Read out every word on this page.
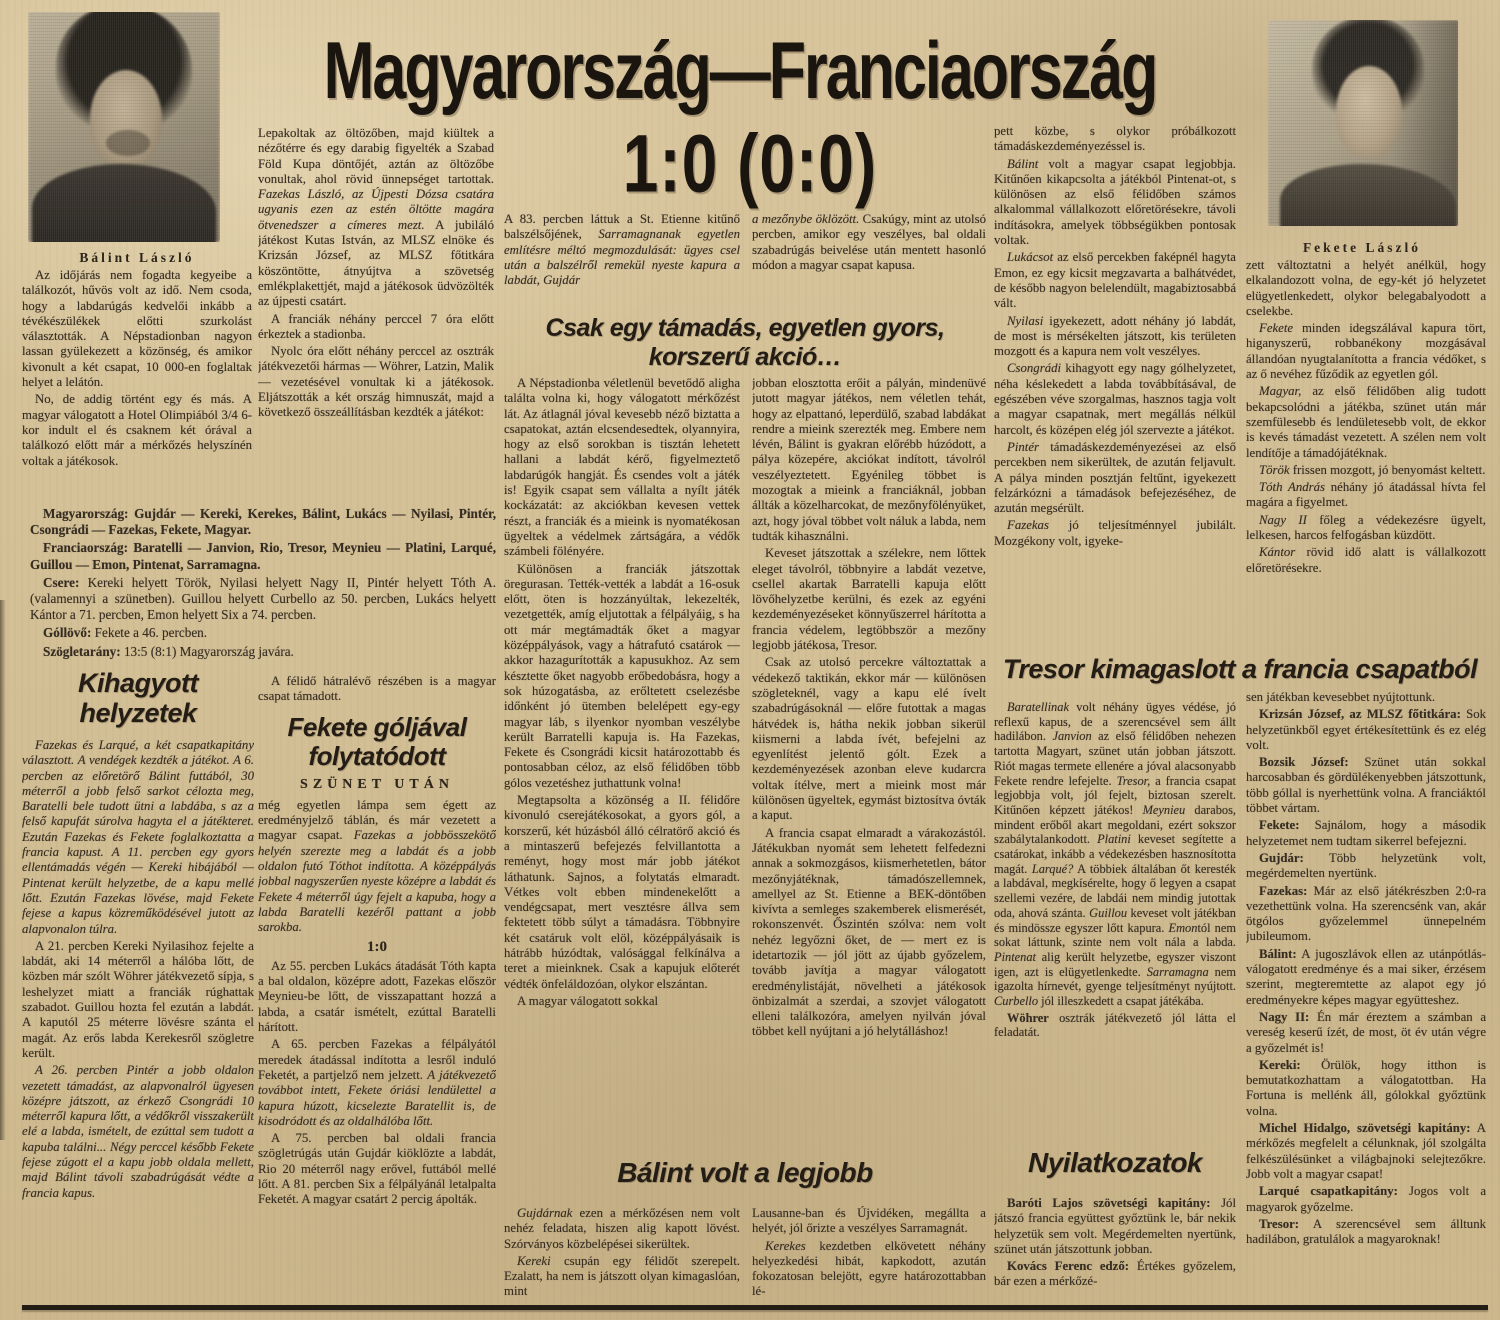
Bálint László
Fekete László
Magyarország—Franciaország
1:0 (0:0)

Az időjárás nem fogadta kegyeibe a találkozót, hűvös volt az idő. Nem csoda, hogy a labdarúgás kedvelői inkább a tévékészülékek előtti szurkolást választották. A Népstadionban nagyon lassan gyülekezett a közönség, és amikor kivonult a két csapat, 10 000-en foglaltak helyet a lelátón.

No, de addig történt egy és más. A magyar válogatott a Hotel Olimpiából 3/4 6-kor indult el és csaknem két órával a találkozó előtt már a mérkőzés helyszínén voltak a játékosok.

Magyarország: Gujdár — Kereki, Kerekes, Bálint, Lukács — Nyilasi, Pintér, Csongrádi — Fazekas, Fekete, Magyar.

Franciaország: Baratelli — Janvion, Rio, Tresor, Meynieu — Platini, Larqué, Guillou — Emon, Pintenat, Sarramagna.

Csere: Kereki helyett Török, Nyilasi helyett Nagy II, Pintér helyett Tóth A. (valamennyi a szünetben). Guillou helyett Curbello az 50. percben, Lukács helyett Kántor a 71. percben, Emon helyett Six a 74. percben.

Góllövő: Fekete a 46. percben.

Szögletarány: 13:5 (8:1) Magyarország javára.

Kihagyott helyzetek

Fazekas és Larqué, a két csapatkapitány választott. A vendégek kezdték a játékot. A 6. percben az előretörő Bálint futtából, 30 méterről a jobb felső sarkot célozta meg, Baratelli bele tudott ütni a labdába, s az a felső kapufát súrolva hagyta el a játékteret. Ezután Fazekas és Fekete foglalkoztatta a francia kapust. A 11. percben egy gyors ellentámadás végén — Kereki hibájából — Pintenat került helyzetbe, de a kapu mellé lőtt. Ezután Fazekas lövése, majd Fekete fejese a kapus közreműködésével jutott az alapvonalon túlra.

A 21. percben Kereki Nyilasihoz fejelte a labdát, aki 14 méterről a hálóba lőtt, de közben már szólt Wöhrer játékvezető sípja, s leshelyzet miatt a franciák rúghattak szabadot. Guillou hozta fel ezután a labdát. A kaputól 25 méterre lövésre szánta el magát. Az erős labda Kerekesről szögletre került.

A 26. percben Pintér a jobb oldalon vezetett támadást, az alapvonalról ügyesen középre játszott, az érkező Csongrádi 10 méterről kapura lőtt, a védőkről visszakerült elé a labda, ismételt, de ezúttal sem tudott a kapuba találni... Négy perccel később Fekete fejese zúgott el a kapu jobb oldala mellett, majd Bálint távoli szabadrúgását védte a francia kapus.

Lepakoltak az öltözőben, majd kiültek a nézőtérre és egy darabig figyelték a Szabad Föld Kupa döntőjét, aztán az öltözőbe vonultak, ahol rövid ünnepséget tartottak. Fazekas László, az Újpesti Dózsa csatára ugyanis ezen az estén öltötte magára ötvenedszer a címeres mezt. A jubiláló játékost Kutas István, az MLSZ elnöke és Krizsán József, az MLSZ főtitkára köszöntötte, átnyújtva a szövetség emlékplakettjét, majd a játékosok üdvözölték az újpesti csatárt.

A franciák néhány perccel 7 óra előtt érkeztek a stadionba.

Nyolc óra előtt néhány perccel az osztrák játékvezetői hármas — Wöhrer, Latzin, Malik — vezetésével vonultak ki a játékosok. Eljátszották a két ország himnuszát, majd a következő összeállításban kezdték a játékot:

A félidő hátralévő részében is a magyar csapat támadott.

Fekete góljával folytatódott
SZÜNET UTÁN

még egyetlen lámpa sem égett az eredményjelző táblán, és már vezetett a magyar csapat. Fazekas a jobbösszekötő helyén szerezte meg a labdát és a jobb oldalon futó Tóthot indította. A középpályás jobbal nagyszerűen nyeste középre a labdát és Fekete 4 méterről úgy fejelt a kapuba, hogy a labda Baratelli kezéről pattant a jobb sarokba.

1:0

Az 55. percben Lukács átadását Tóth kapta a bal oldalon, középre adott, Fazekas először Meynieu-be lőtt, de visszapattant hozzá a labda, a csatár ismételt, ezúttal Baratelli hárított.

A 65. percben Fazekas a félpályától meredek átadással indította a lesről induló Feketét, a partjelző nem jelzett. A játékvezető továbbot intett, Fekete óriási lendülettel a kapura húzott, kicselezte Baratellit is, de kisodródott és az oldalhálóba lőtt.

A 75. percben bal oldali francia szögletrúgás után Gujdár kiöklözte a labdát, Rio 20 méterről nagy erővel, futtából mellé lőtt. A 81. percben Six a félpályánál letalpalta Feketét. A magyar csatárt 2 percig ápolták.

A 83. percben láttuk a St. Etienne kitűnő balszélsőjének, Sarramagnanak egyetlen említésre méltó megmozdulását: ügyes csel után a balszélről remekül nyeste kapura a labdát, Gujdár

a mezőnybe öklözött. Csakúgy, mint az utolsó percben, amikor egy veszélyes, bal oldali szabadrúgás beivelése után mentett hasonló módon a magyar csapat kapusa.

Csak egy támadás, egyetlen gyors, korszerű akció…

A Népstadionba véletlenül bevetődő aligha találta volna ki, hogy válogatott mérkőzést lát. Az átlagnál jóval kevesebb néző biztatta a csapatokat, aztán elcsendesedtek, olyannyira, hogy az első sorokban is tisztán lehetett hallani a labdát kérő, figyelmeztető labdarúgók hangját. És csendes volt a játék is! Egyik csapat sem vállalta a nyílt játék kockázatát: az akciókban kevesen vettek részt, a franciák és a mieink is nyomatékosan ügyeltek a védelmek zártságára, a védők számbeli fölényére.

Különösen a franciák játszottak öregurasan. Tették-vették a labdát a 16-osuk előtt, öten is hozzányúltak, lekezelték, vezetgették, amíg eljutottak a félpályáig, s ha ott már megtámadták őket a magyar középpályások, vagy a hátrafutó csatárok — akkor hazagurították a kapusukhoz. Az sem késztette őket nagyobb erőbedobásra, hogy a sok húzogatásba, az erőltetett cselezésbe időnként jó ütemben belelépett egy-egy magyar láb, s ilyenkor nyomban veszélybe került Barratelli kapuja is. Ha Fazekas, Fekete és Csongrádi kicsit határozottabb és pontosabban céloz, az első félidőben több gólos vezetéshez juthattunk volna!

Megtapsolta a közönség a II. félidőre kivonuló cserejátékosokat, a gyors gól, a korszerű, két húzásból álló célratörő akció és a mintaszerű befejezés felvillantotta a reményt, hogy most már jobb játékot láthatunk. Sajnos, a folytatás elmaradt. Vétkes volt ebben mindenekelőtt a vendégcsapat, mert vesztésre állva sem fektetett több súlyt a támadásra. Többnyire két csatáruk volt elöl, középpályásaik is hátrább húzódtak, valósággal felkínálva a teret a mieinknek. Csak a kapujuk előterét védték önfeláldozóan, olykor elszántan.

A magyar válogatott sokkal

jobban elosztotta erőit a pályán, mindenüvé jutott magyar játékos, nem véletlen tehát, hogy az elpattanó, leperdülő, szabad labdákat rendre a mieink szerezték meg. Embere nem lévén, Bálint is gyakran előrébb húzódott, a pálya közepére, akciókat indított, távolról veszélyeztetett. Egyénileg többet is mozogtak a mieink a franciáknál, jobban állták a közelharcokat, de mezőnyfölényüket, azt, hogy jóval többet volt náluk a labda, nem tudták kihasználni.

Keveset játszottak a szélekre, nem lőttek eleget távolról, többnyire a labdát vezetve, csellel akartak Barratelli kapuja előtt lövőhelyzetbe kerülni, és ezek az egyéni kezdeményezéseket könnyűszerrel hárította a francia védelem, legtöbbször a mezőny legjobb játékosa, Tresor.

Csak az utolsó percekre változtattak a védekező taktikán, ekkor már — különösen szögleteknél, vagy a kapu elé ívelt szabadrúgásoknál — előre futottak a magas hátvédek is, hátha nekik jobban sikerül kiismerni a labda ívét, befejelni az egyenlítést jelentő gólt. Ezek a kezdeményezések azonban eleve kudarcra voltak ítélve, mert a mieink most már különösen ügyeltek, egymást biztosítva óvták a kaput.

A francia csapat elmaradt a várakozástól. Játékukban nyomát sem lehetett felfedezni annak a sokmozgásos, kiismerhetetlen, bátor mezőnyjátéknak, támadószellemnek, amellyel az St. Etienne a BEK-döntőben kivívta a semleges szakemberek elismerését, rokonszenvét. Őszintén szólva: nem volt nehéz legyőzni őket, de — mert ez is idetartozik — jól jött az újabb győzelem, tovább javítja a magyar válogatott eredménylistáját, növelheti a játékosok önbizalmát a szerdai, a szovjet válogatott elleni találkozóra, amelyen nyilván jóval többet kell nyújtani a jó helytálláshoz!

Bálint volt a legjobb

Gujdárnak ezen a mérkőzésen nem volt nehéz feladata, hiszen alig kapott lövést. Szórványos közbelépései sikerültek.

Kereki csupán egy félidőt szerepelt. Ezalatt, ha nem is játszott olyan kimagaslóan, mint

Lausanne-ban és Újvidéken, megállta a helyét, jól őrizte a veszélyes Sarramagnát.

Kerekes kezdetben elkövetett néhány helyezkedési hibát, kapkodott, azután fokozatosan belejött, egyre határozottabban lé-

pett közbe, s olykor próbálkozott támadáskezdeményezéssel is.

Bálint volt a magyar csapat legjobbja. Kitűnően kikapcsolta a játékból Pintenat-ot, s különösen az első félidőben számos alkalommal vállalkozott előretörésekre, távoli indításokra, amelyek többségükben pontosak voltak.

Lukácsot az első percekben faképnél hagyta Emon, ez egy kicsit megzavarta a balhátvédet, de később nagyon belelendült, magabiztosabbá vált.

Nyilasi igyekezett, adott néhány jó labdát, de most is mérsékelten játszott, kis területen mozgott és a kapura nem volt veszélyes.

Csongrádi kihagyott egy nagy gólhelyzetet, néha késlekedett a labda továbbításával, de egészében véve szorgalmas, hasznos tagja volt a magyar csapatnak, mert megállás nélkül harcolt, és középen elég jól szervezte a játékot.

Pintér támadáskezdeményezései az első percekben nem sikerültek, de azután feljavult. A pálya minden posztján feltűnt, igyekezett felzárkózni a támadások befejezéséhez, de azután megsérült.

Fazekas jó teljesítménnyel jubilált. Mozgékony volt, igyeke-

Tresor kimagaslott a francia csapatból

Baratellinak volt néhány ügyes védése, jó reflexű kapus, de a szerencsével sem állt hadilábon. Janvion az első félidőben nehezen tartotta Magyart, szünet után jobban játszott. Riót magas termete ellenére a jóval alacsonyabb Fekete rendre lefejelte. Tresor, a francia csapat legjobbja volt, jól fejelt, biztosan szerelt. Kitűnően képzett játékos! Meynieu darabos, mindent erőből akart megoldani, ezért sokszor szabálytalankodott. Platini keveset segítette a csatárokat, inkább a védekezésben hasznosította magát. Larqué? A többiek általában őt keresték a labdával, megkísérelte, hogy ő legyen a csapat szellemi vezére, de labdái nem mindig jutottak oda, ahová szánta. Guillou keveset volt játékban és mindössze egyszer lőtt kapura. Emontól nem sokat láttunk, szinte nem volt nála a labda. Pintenat alig került helyzetbe, egyszer viszont igen, azt is elügyetlenkedte. Sarramagna nem igazolta hírnevét, gyenge teljesítményt nyújtott. Curbello jól illeszkedett a csapat játékába.

Wöhrer osztrák játékvezető jól látta el feladatát.

Nyilatkozatok

Baróti Lajos szövetségi kapitány: Jól játszó francia együttest győztünk le, bár nekik helyzetük sem volt. Megérdemelten nyertünk, szünet után játszottunk jobban.

Kovács Ferenc edző: Értékes győzelem, bár ezen a mérkőzé-

zett változtatni a helyét anélkül, hogy elkalandozott volna, de egy-két jó helyzetet elügyetlenkedett, olykor belegabalyodott a cselekbe.

Fekete minden idegszálával kapura tört, higanyszerű, robbanékony mozgásával állandóan nyugtalanította a francia védőket, s az ő nevéhez fűződik az egyetlen gól.

Magyar, az első félidőben alig tudott bekapcsolódni a játékba, szünet után már szemfülesebb és lendületesebb volt, de ekkor is kevés támadást vezetett. A szélen nem volt lendítője a támadójátéknak.

Török frissen mozgott, jó benyomást keltett.

Tóth András néhány jó átadással hívta fel magára a figyelmet.

Nagy II főleg a védekezésre ügyelt, lelkesen, harcos felfogásban küzdött.

Kántor rövid idő alatt is vállalkozott előretörésekre.

sen játékban kevesebbet nyújtottunk.

Krizsán József, az MLSZ főtitkára: Sok helyzetünkből egyet értékesítettünk és ez elég volt.

Bozsik József: Szünet után sokkal harcosabban és gördülékenyebben játszottunk, több góllal is nyerhettünk volna. A franciáktól többet vártam.

Fekete: Sajnálom, hogy a második helyzetemet nem tudtam sikerrel befejezni.

Gujdár: Több helyzetünk volt, megérdemelten nyertünk.

Fazekas: Már az első játékrészben 2:0-ra vezethettünk volna. Ha szerencsénk van, akár ötgólos győzelemmel ünnepelném jubileumom.

Bálint: A jugoszlávok ellen az utánpótlás-válogatott eredménye és a mai siker, érzésem szerint, megteremtette az alapot egy jó eredményekre képes magyar együtteshez.

Nagy II: Én már éreztem a számban a vereség keserű ízét, de most, öt év után végre a győzelmét is!

Kereki: Örülök, hogy itthon is bemutatkozhattam a válogatottban. Ha Fortuna is mellénk áll, gólokkal győztünk volna.

Michel Hidalgo, szövetségi kapitány: A mérkőzés megfelelt a célunknak, jól szolgálta felkészülésünket a világbajnoki selejtezőkre. Jobb volt a magyar csapat!

Larqué csapatkapitány: Jogos volt a magyarok győzelme.

Tresor: A szerencsével sem álltunk hadilábon, gratulálok a magyaroknak!
